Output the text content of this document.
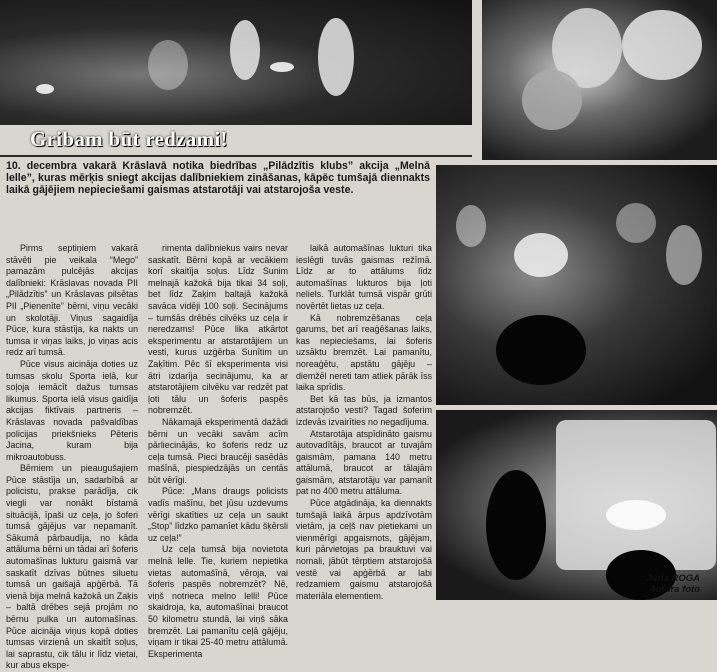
Gribam būt redzami!
10. decembra vakarā Krāslavā notika biedrības „Pilādzītis klubs” akcija „Melnā lelle”, kuras mērķis sniegt akcijas dalībniekiem zināšanas, kāpēc tumšajā diennakts laikā gājējiem nepieciešami gaismas atstarotāji vai atstarojoša veste.

Pirms septiņiem vakarā stāvēti pie veikala “Mego” pamazām pulcējās akcijas dalībnieki: Krāslavas novada PII „Pilādzītis” un Krāslavas pilsētas PII „Pienenīte” bērni, viņu vecāki un skolotāji. Viņus sagaidīja Pūce, kura stāstīja, ka nakts un tumsa ir viņas laiks, jo viņas acis redz arī tumsā.

Pūce visus aicināja doties uz tumsas skolu Sporta ielā, kur soļoja iemācīt dažus tumsas likumus. Sporta ielā visus gaidīja akcijas fiktīvais partneris – Krāslavas novada pašvaldības policijas priekšnieks Pēteris Jacina, kuram bija mikroautobuss.

Bērniem un pieaugušajiem Pūce stāstīja un, sadarbībā ar policistu, prakse parādīja, cik viegli var nonākt bīstamā situācijā, īpaši uz ceļa, jo šoferi tumsā gājējus var nepamanīt. Sākumā pārbaudīja, no kāda attāluma bērni un tādai arī šoferis automašīnas lukturu gaismā var saskatīt dzīvas būtnes siluetu tumsā un gaišajā apģērbā. Tā vienā bija melnā kažokā un Zaķis – baltā drēbes sejā projām no bērnu pulka un automašīnas. Pūce aicināja viņus kopā doties tumsas virzienā un skaitīt soļus, lai saprastu, cik tālu ir līdz vietai, kur abus ekspe-

rimenta dalībniekus vairs nevar saskatīt. Bērni kopā ar vecākiem korī skaitīja soļus. Līdz Sunim melnajā kažokā bija tikai 34 soļi, bet līdz Zaķim baltajā kažokā savāca vidēji 100 soļi. Secinājums – tumšās drēbēs cilvēks uz ceļa ir neredzams! Pūce lika atkārtot eksperimentu ar atstarotājiem un vesti, kurus uzģērba Sunītim un Zaķītim. Pēc šī eksperimenta visi ātri izdarīja secinājumu, ka ar atstarotājiem cilvēku var redzēt pat ļoti tālu un šoferis paspēs nobremzēt.

Nākamajā eksperimentā dažādi bērni un vecāki savām acīm pārliecinājās, ko šoferis redz uz ceļa tumsā. Pieci braucēji sasēdās mašīnā, piespiedzājās un centās būt vērīgi.

Pūce: „Mans draugs policists vadīs mašīnu, bet jūsu uzdevums vērīgi skatīties uz ceļa un saukt „Stop” līdzko pamanīet kādu šķērsli uz ceļa!”

Uz ceļa tumsā bija novietota melnā lelle. Tie, kuriem nepietika vietas automašīnā, vēroja, vai šoferis paspēs nobremzēt? Nē, viņš notrieca melno lelli! Pūce skaidroja, ka, automašīnai braucot 50 kilometru stundā, lai viņš sāka bremzēt. Lai pamanītu ceļā gājēju, viņam ir tikai 25-40 metru attālumā. Eksperimenta

laikā automašīnas lukturi tika ieslēgti tuvās gaismas režīmā. Līdz ar to attālums līdz automašīnas lukturos bija ļoti neliels. Turklāt tumsā vispār grūti novērtēt lietas uz ceļa.

Kā nobremzēšanas ceļa garums, bet arī reaģēšanas laiks, kas nepieciešams, lai šoferis uzsāktu bremzēt. Lai pamanītu, noreaģētu, apstātu gājēju – diemžēl nereti tam atliek pārāk īss laika sprīdis.

Bet kā tas būs, ja izmantos atstarojošo vesti? Tagad šoferim izdevās izvairīties no negadījuma.

Atstarotāja atspīdināto gaismu autovadītājs, braucot ar tuvajām gaismām, pamana 140 metru attālumā, braucot ar tālajām gaismām, atstarotāju var pamanīt pat no 400 metru attāluma.

Pūce atgādināja, ka diennakts tumšajā laikā ārpus apdzīvotām vietām, ja ceļš nav pietiekami un vienmērīgi apgaismots, gājējam, kuri pārvietojas pa brauktuvi vai nomali, jābūt tērptiem atstarojošā vestē vai apģērbā ar labi redzamiem gaismu atstarojošā materiāla elementiem.

Juris ROGA
Autora foto
